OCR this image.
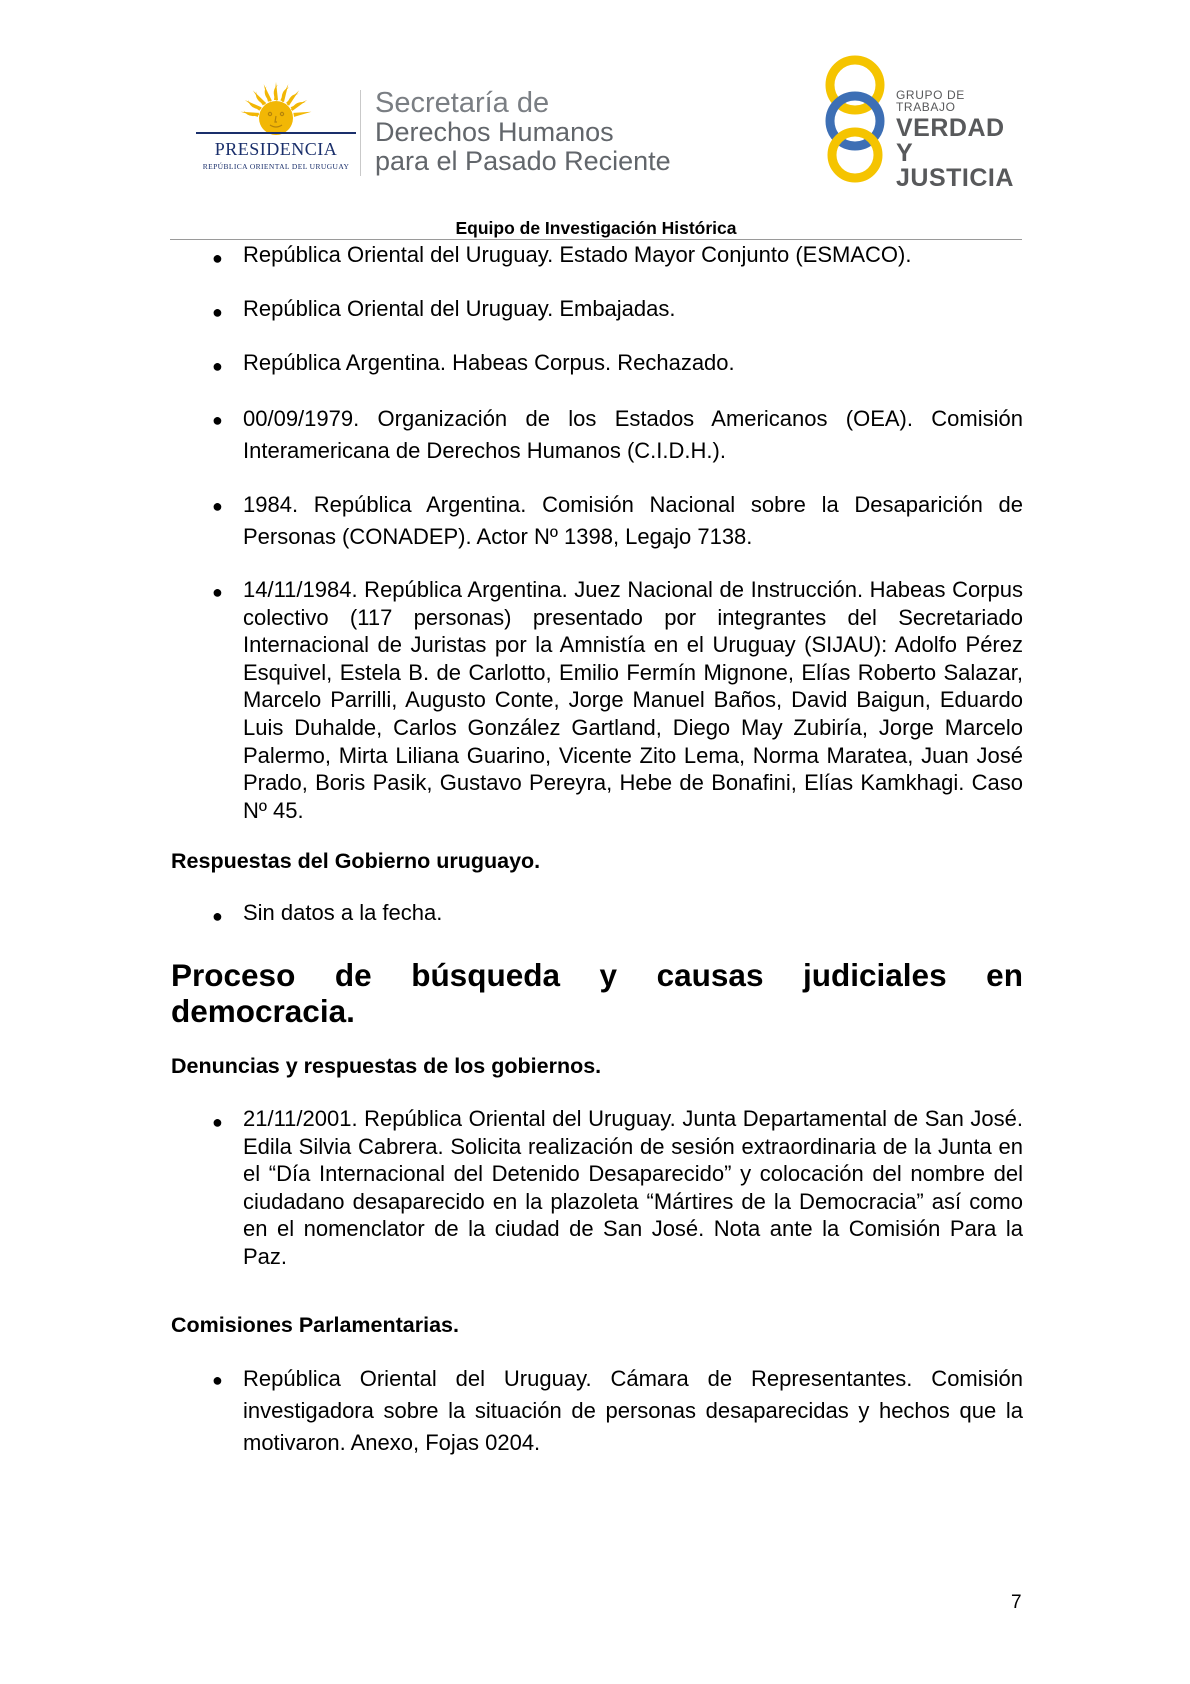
PRESIDENCIA
REPÚBLICA ORIENTAL DEL URUGUAY
Secretaría de
Derechos Humanos
para el Pasado Reciente
GRUPO DE TRABAJO
VERDAD Y
JUSTICIA
Equipo de Investigación Histórica
● República Oriental del Uruguay. Estado Mayor Conjunto (ESMACO).
● República Oriental del Uruguay. Embajadas.
● República Argentina. Habeas Corpus. Rechazado.
● 00/09/1979. Organización de los Estados Americanos (OEA). Comisión Interamericana de Derechos Humanos (C.I.D.H.).
● 1984. República Argentina. Comisión Nacional sobre la Desaparición de Personas (CONADEP). Actor Nº 1398, Legajo 7138.
● 14/11/1984. República Argentina. Juez Nacional de Instrucción. Habeas Corpus colectivo (117 personas) presentado por integrantes del Secretariado Internacional de Juristas por la Amnistía en el Uruguay (SIJAU): Adolfo Pérez Esquivel, Estela B. de Carlotto, Emilio Fermín Mignone, Elías Roberto Salazar, Marcelo Parrilli, Augusto Conte, Jorge Manuel Baños, David Baigun, Eduardo Luis Duhalde, Carlos González Gartland, Diego May Zubiría, Jorge Marcelo Palermo, Mirta Liliana Guarino, Vicente Zito Lema, Norma Maratea, Juan José Prado, Boris Pasik, Gustavo Pereyra, Hebe de Bonafini, Elías Kamkhagi. Caso Nº 45.
Respuestas del Gobierno uruguayo.
● Sin datos a la fecha.
Proceso de búsqueda y causas judiciales en
democracia.
Denuncias y respuestas de los gobiernos.
● 21/11/2001. República Oriental del Uruguay. Junta Departamental de San José. Edila Silvia Cabrera. Solicita realización de sesión extraordinaria de la Junta en el “Día Internacional del Detenido Desaparecido” y colocación del nombre del ciudadano desaparecido en la plazoleta “Mártires de la Democracia” así como en el nomenclator de la ciudad de San José. Nota ante la Comisión Para la Paz.
Comisiones Parlamentarias.
● República Oriental del Uruguay. Cámara de Representantes. Comisión investigadora sobre la situación de personas desaparecidas y hechos que la motivaron. Anexo, Fojas 0204.
7
